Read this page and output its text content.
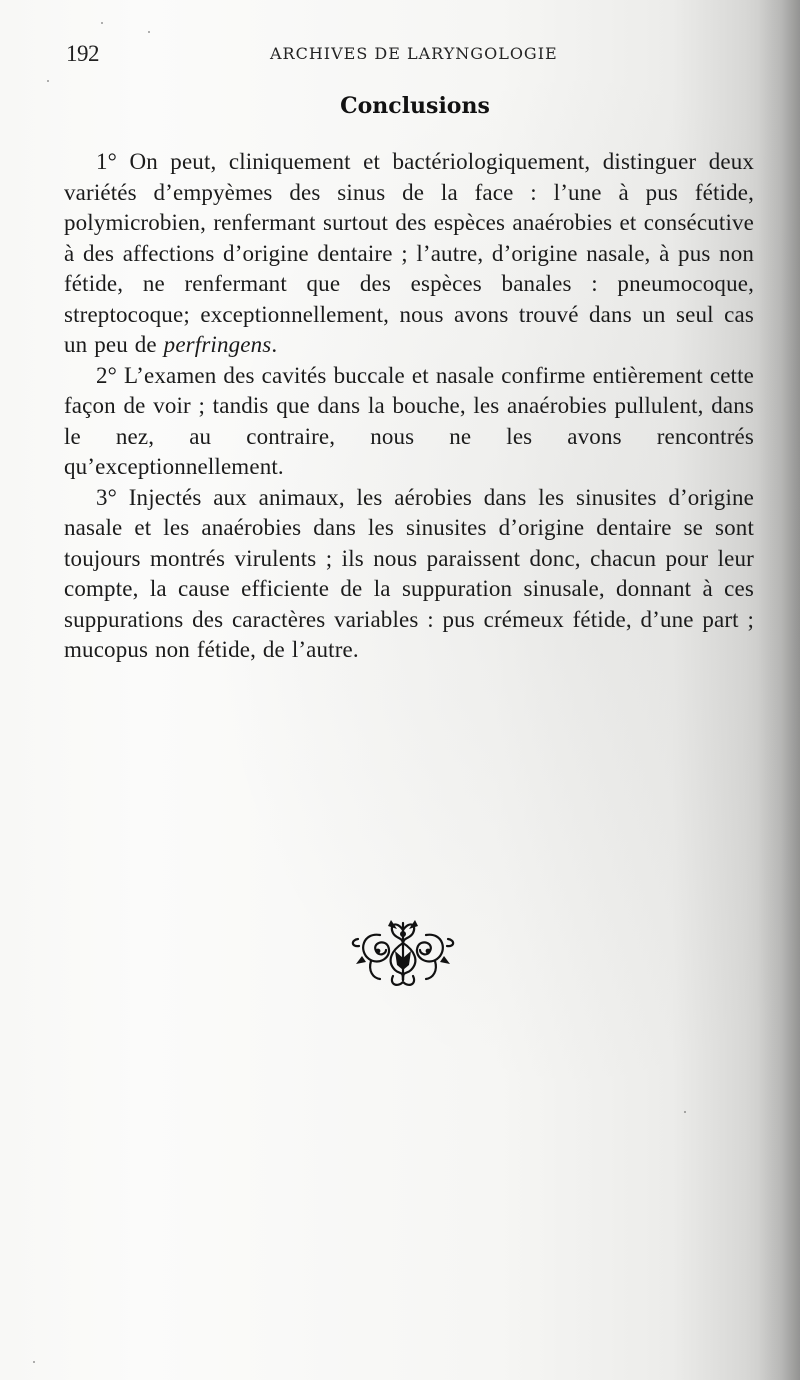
⁠
192	ARCHIVES DE LARYNGOLOGIE
Conclusions

1° On peut, cliniquement et bactériologiquement, distinguer deux variétés d’empyèmes des sinus de la face : l’une à pus fétide, polymicrobien, renfermant surtout des espèces anaérobies et consécutive à des affections d’origine dentaire ; l’autre, d’origine nasale, à pus non fétide, ne renfermant que des espèces banales : pneumocoque, streptocoque; exceptionnellement, nous avons trouvé dans un seul cas un peu de perfringens.

2° L’examen des cavités buccale et nasale confirme entièrement cette façon de voir ; tandis que dans la bouche, les anaérobies pullulent, dans le nez, au contraire, nous ne les avons rencontrés qu’exceptionnellement.

3° Injectés aux animaux, les aérobies dans les sinusites d’origine nasale et les anaérobies dans les sinusites d’origine dentaire se sont toujours montrés virulents ; ils nous paraissent donc, chacun pour leur compte, la cause efficiente de la suppuration sinusale, donnant à ces suppurations des caractères variables : pus crémeux fétide, d’une part ; mucopus non fétide, de l’autre.
